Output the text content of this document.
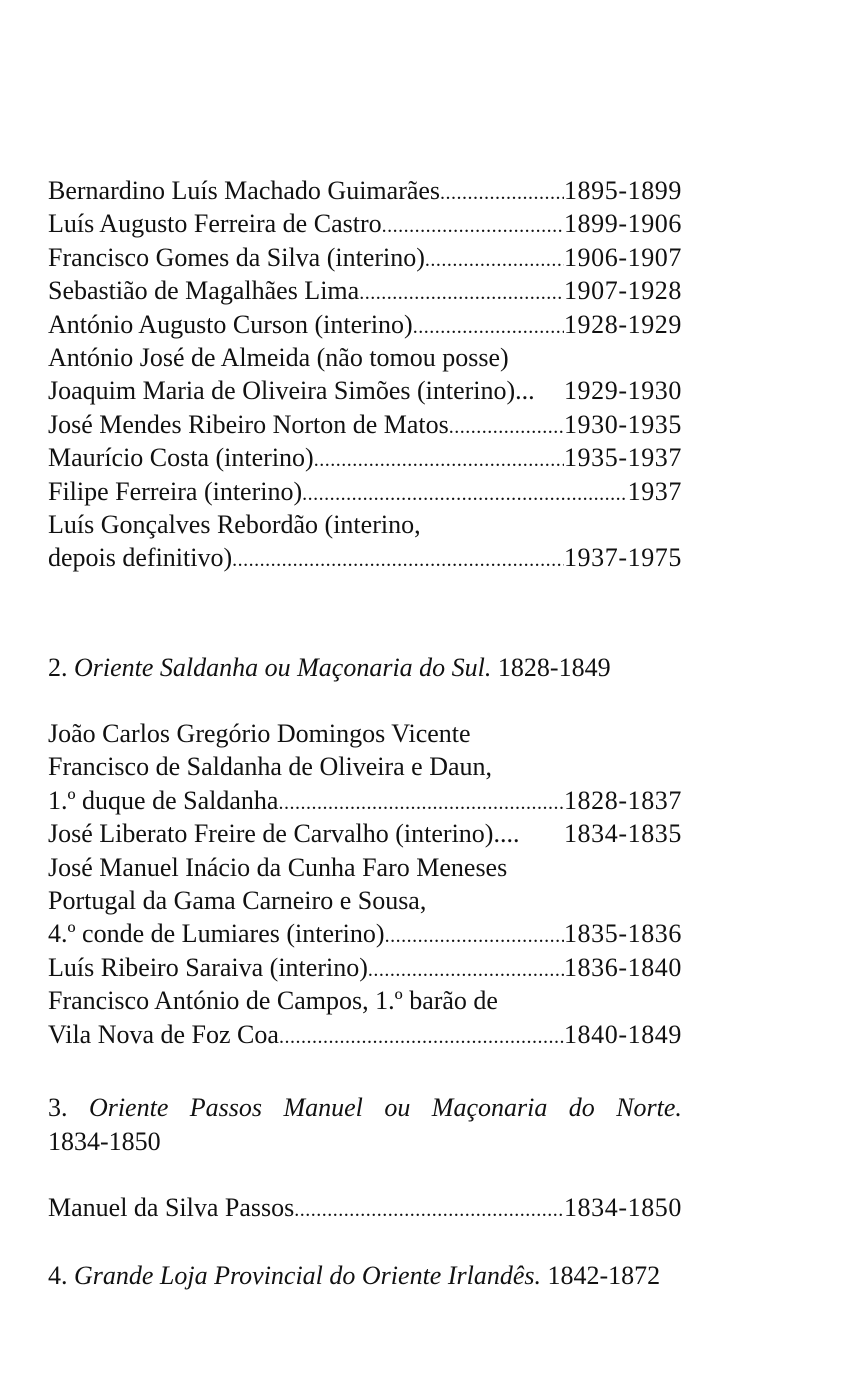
Bernardino Luís Machado Guimarães .....	1895-1899
Luís Augusto Ferreira de Castro .....	1899-1906
Francisco Gomes da Silva (interino) .....	1906-1907
Sebastião de Magalhães Lima .....	1907-1928
António Augusto Curson (interino) .....	1928-1929
António José de Almeida (não tomou posse)
Joaquim Maria de Oliveira Simões (interino)... 1929-1930
José Mendes Ribeiro Norton de Matos .....	1930-1935
Maurício Costa (interino) .....	1935-1937
Filipe Ferreira (interino) .....	1937
Luís Gonçalves Rebordão (interino,
depois definitivo) .....	1937-1975
2. Oriente Saldanha ou Maçonaria do Sul. 1828-1849
João Carlos Gregório Domingos Vicente
Francisco de Saldanha de Oliveira e Daun,
1.º duque de Saldanha .....	1828-1837
José Liberato Freire de Carvalho (interino).... 1834-1835
José Manuel Inácio da Cunha Faro Meneses
Portugal da Gama Carneiro e Sousa,
4.º conde de Lumiares (interino) .....	1835-1836
Luís Ribeiro Saraiva (interino) .....	1836-1840
Francisco António de Campos, 1.º barão de
Vila Nova de Foz Coa .....	1840-1849
3. Oriente Passos Manuel ou Maçonaria do Norte.
1834-1850
Manuel da Silva Passos .....	1834-1850
4. Grande Loja Provincial do Oriente Irlandês. 1842-1872
